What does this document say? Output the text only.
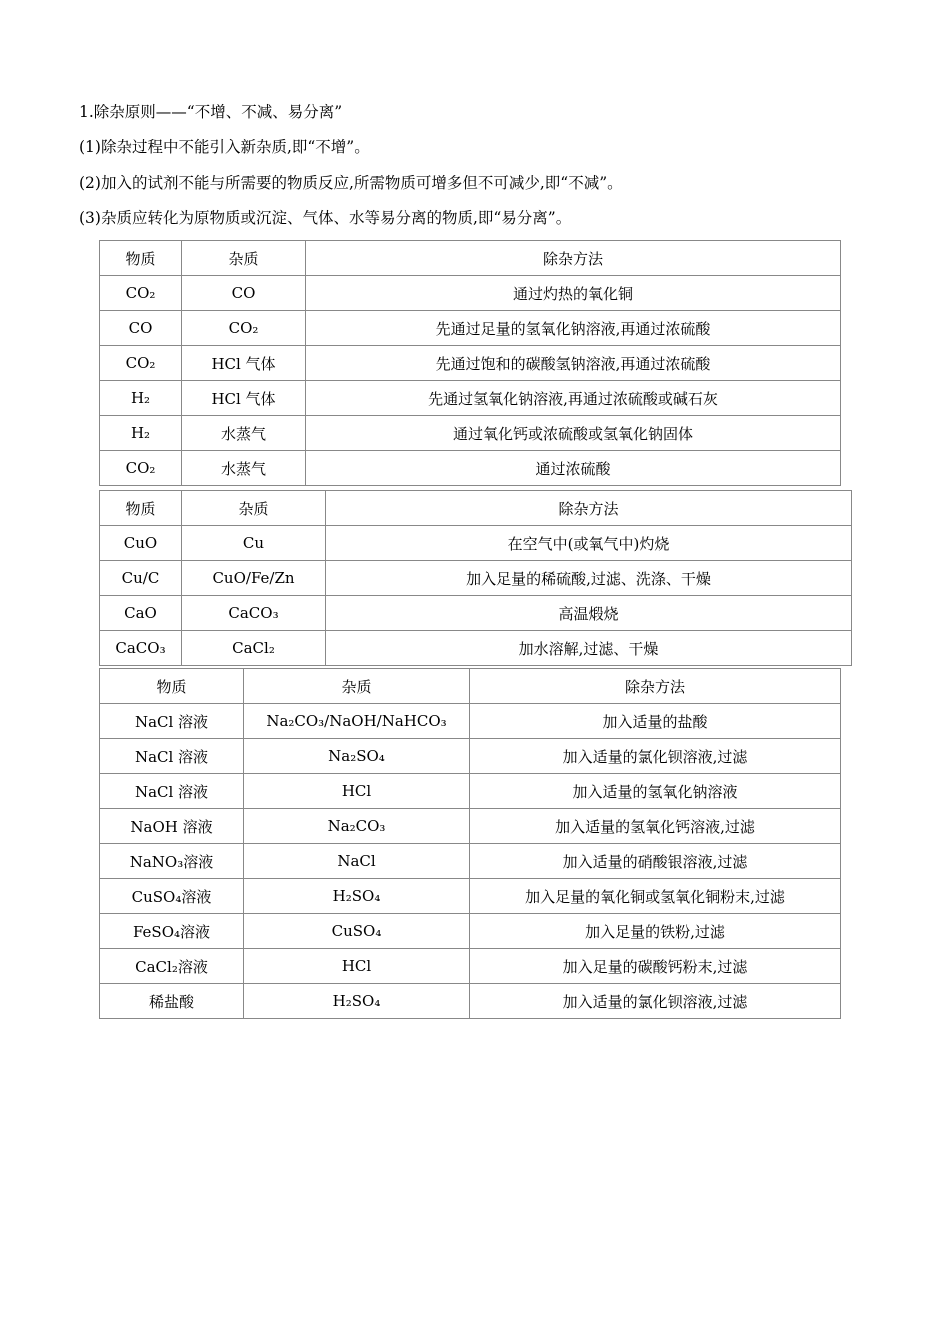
1.除杂原则——“不增、不减、易分离”
(1)除杂过程中不能引入新杂质,即“不增”。
(2)加入的试剂不能与所需要的物质反应,所需物质可增多但不可减少,即“不减”。
(3)杂质应转化为原物质或沉淀、气体、水等易分离的物质,即“易分离”。
物质	杂质	除杂方法
CO₂	CO	通过灼热的氧化铜
CO	CO₂	先通过足量的氢氧化钠溶液,再通过浓硫酸
CO₂	HCl 气体	先通过饱和的碳酸氢钠溶液,再通过浓硫酸
H₂	HCl 气体	先通过氢氧化钠溶液,再通过浓硫酸或碱石灰
H₂	水蒸气	通过氧化钙或浓硫酸或氢氧化钠固体
CO₂	水蒸气	通过浓硫酸
物质	杂质	除杂方法
CuO	Cu	在空气中(或氧气中)灼烧
Cu/C	CuO/Fe/Zn	加入足量的稀硫酸,过滤、洗涤、干燥
CaO	CaCO₃	高温煅烧
CaCO₃	CaCl₂	加水溶解,过滤、干燥
物质	杂质	除杂方法
NaCl 溶液	Na₂CO₃/NaOH/NaHCO₃	加入适量的盐酸
NaCl 溶液	Na₂SO₄	加入适量的氯化钡溶液,过滤
NaCl 溶液	HCl	加入适量的氢氧化钠溶液
NaOH 溶液	Na₂CO₃	加入适量的氢氧化钙溶液,过滤
NaNO₃溶液	NaCl	加入适量的硝酸银溶液,过滤
CuSO₄溶液	H₂SO₄	加入足量的氧化铜或氢氧化铜粉末,过滤
FeSO₄溶液	CuSO₄	加入足量的铁粉,过滤
CaCl₂溶液	HCl	加入足量的碳酸钙粉末,过滤
稀盐酸	H₂SO₄	加入适量的氯化钡溶液,过滤
